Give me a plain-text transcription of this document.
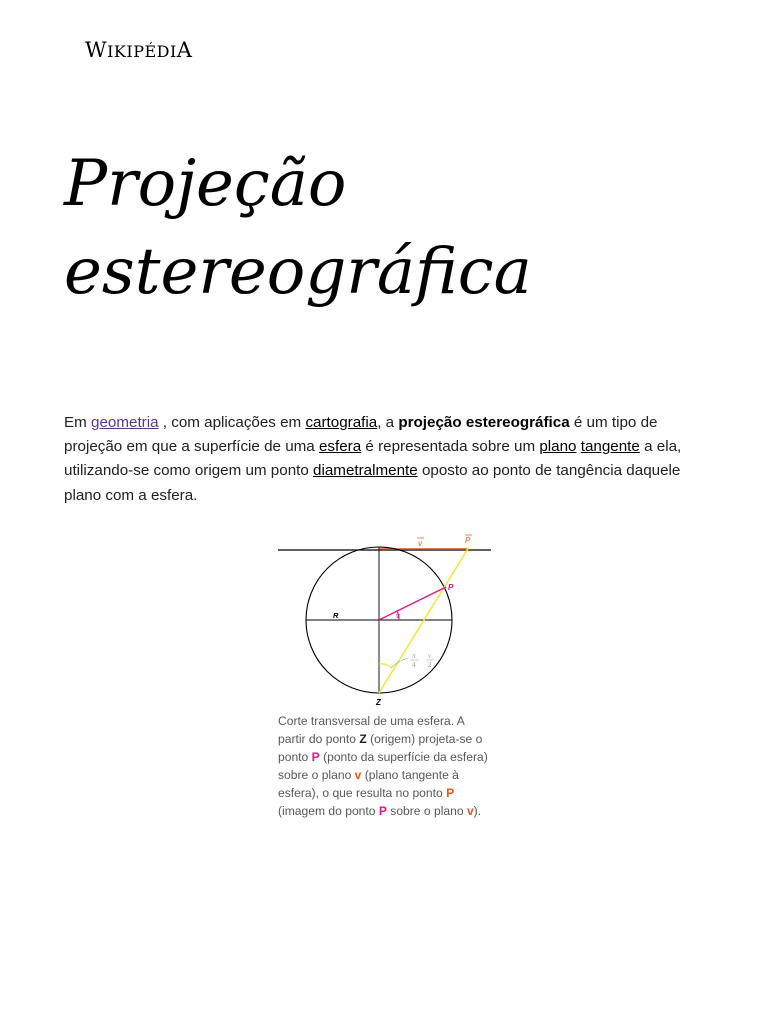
WIKIPÉDIA
Projeção
estereográfica

Em geometria , com aplicações em cartografia, a projeção estereográfica é um tipo de projeção em que a superfície de uma esfera é representada sobre um plano tangente a ela, utilizando-se como origem um ponto diametralmente oposto ao ponto de tangência daquele plano com a esfera.

v	P
P
R	v
Z
π
4
v
2

Corte transversal de uma esfera. A partir do ponto Z (origem) projeta-se o ponto P (ponto da superfície da esfera) sobre o plano v (plano tangente à esfera), o que resulta no ponto P (imagem do ponto P sobre o plano v).
